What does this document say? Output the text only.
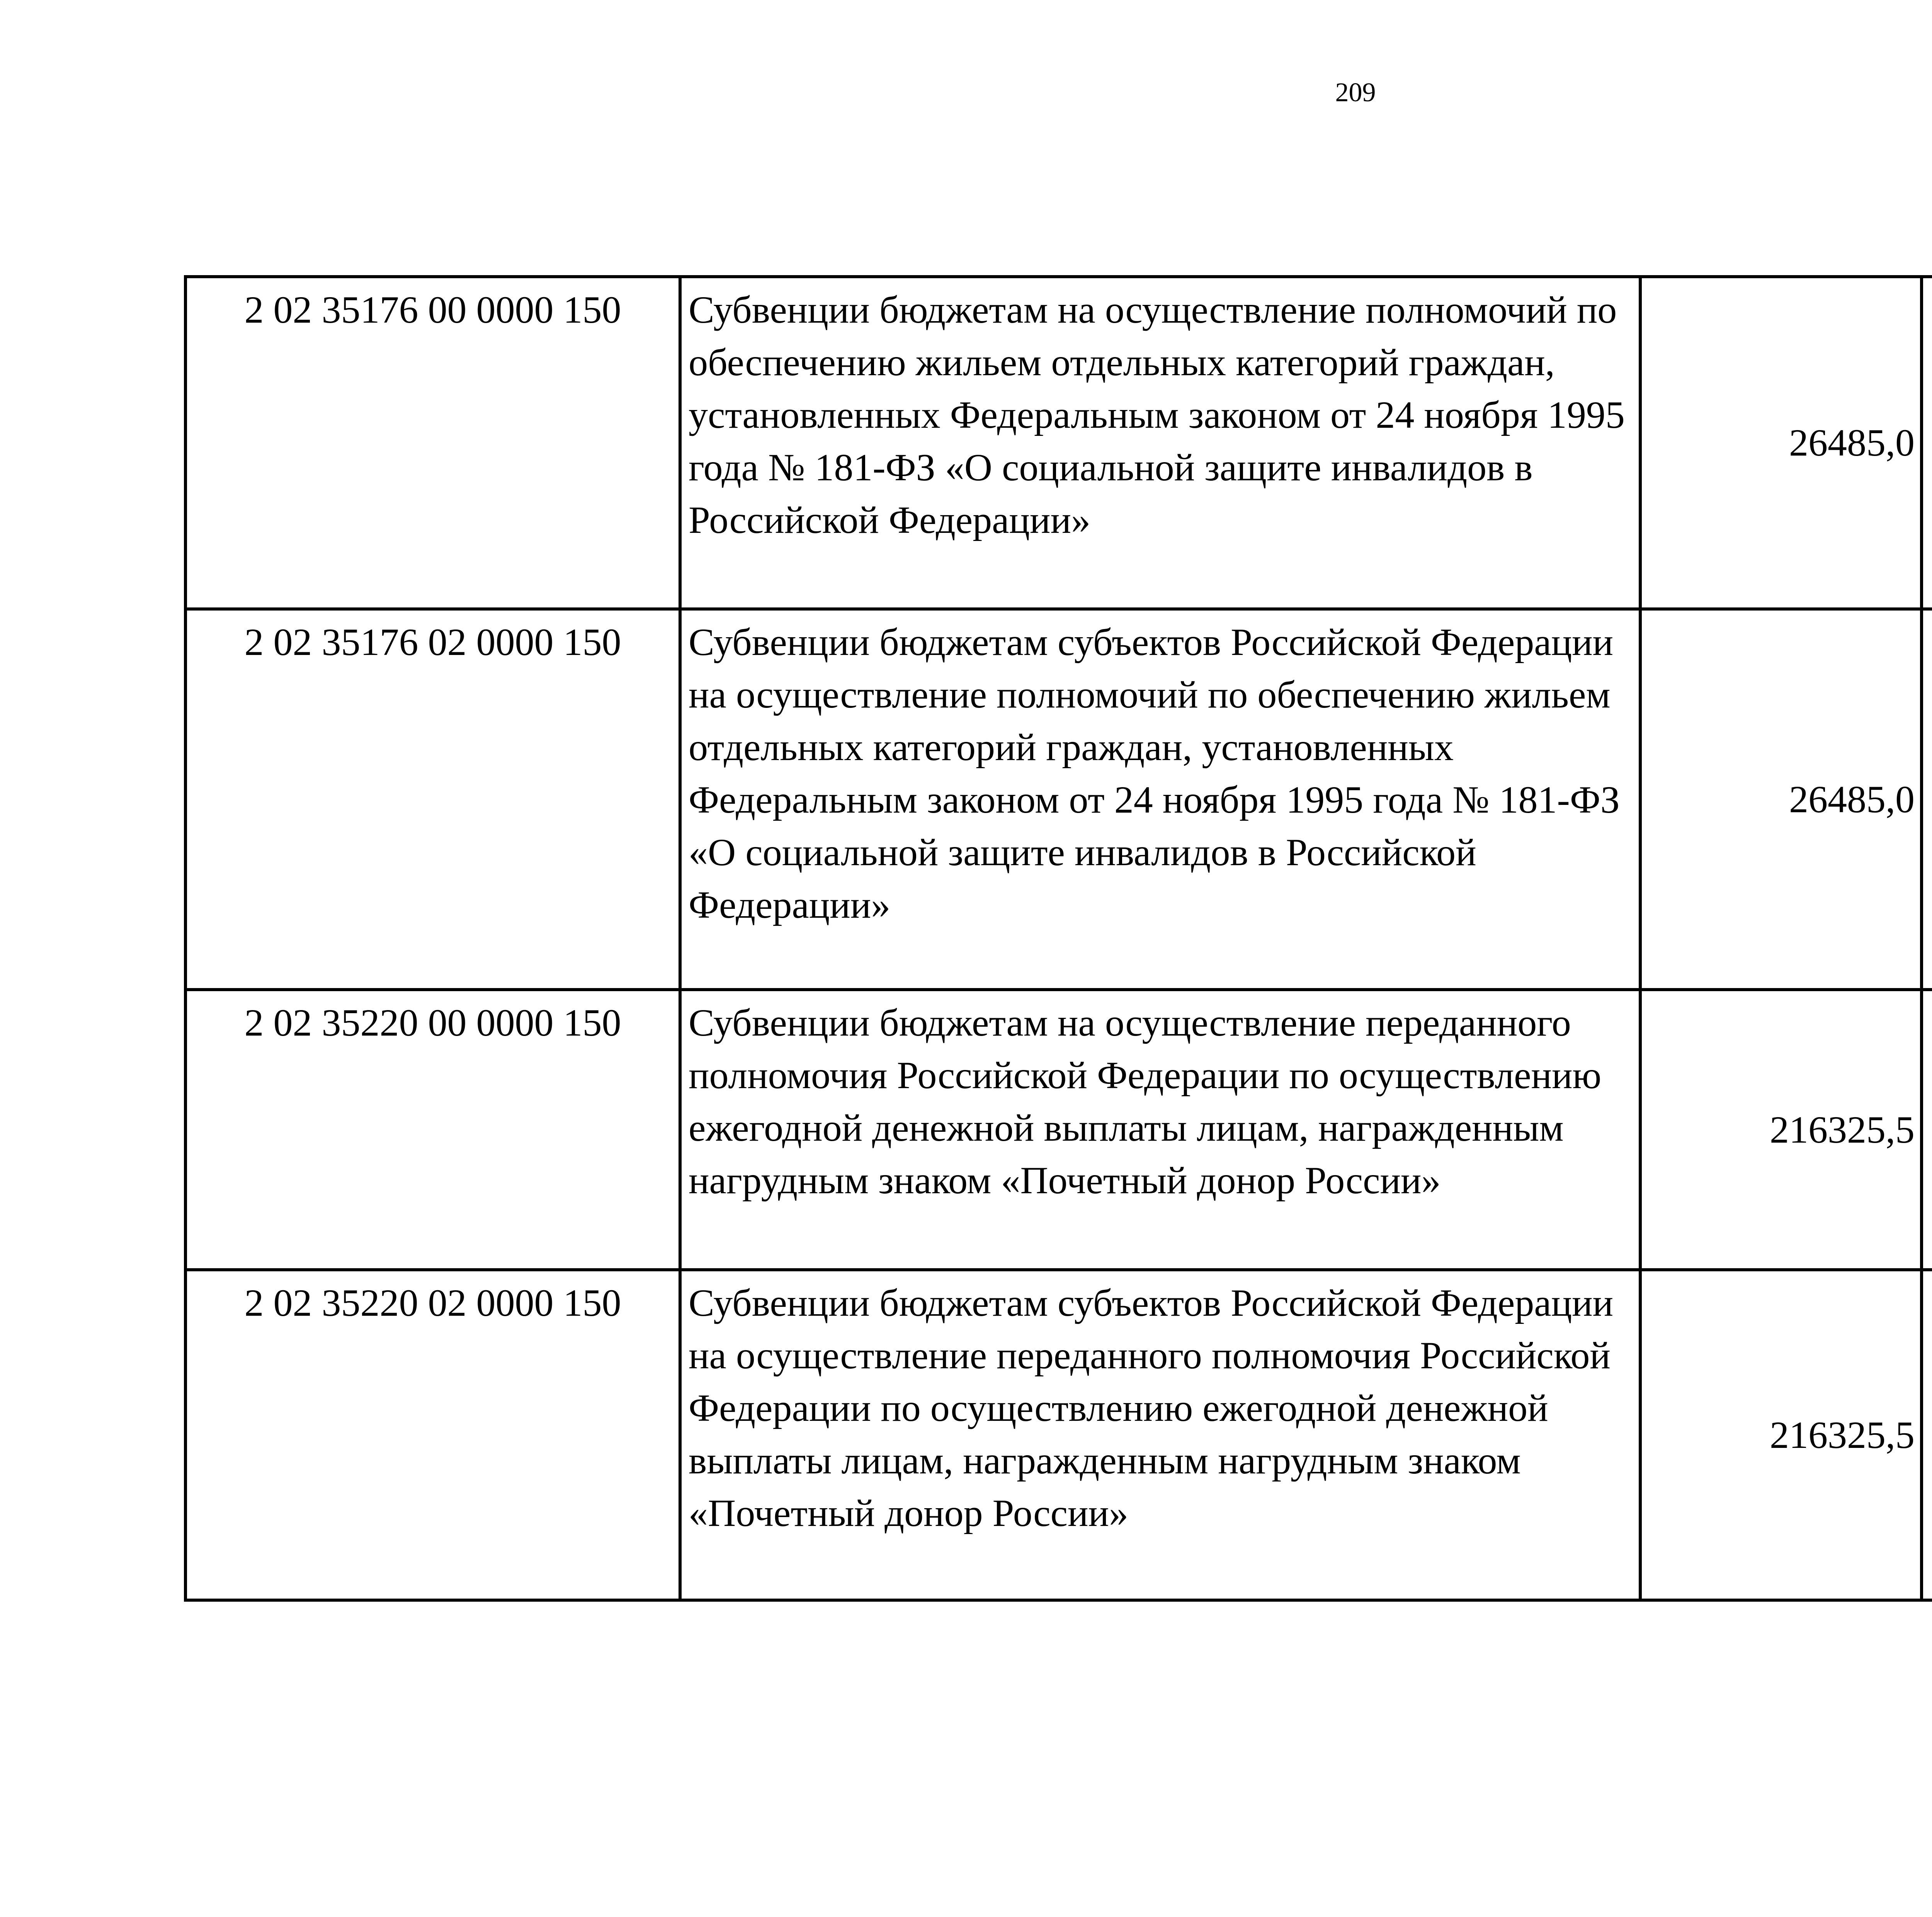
209
2 02 35176 00 0000 150	Субвенции бюджетам на осуществление полномочий по обеспечению жильем отдельных категорий граждан, установленных Федеральным законом от 24 ноября 1995 года № 181-ФЗ «О социальной защите инвалидов в Российской Федерации»	26485,0		
2 02 35176 02 0000 150	Субвенции бюджетам субъектов Российской Федерации на осуществление полномочий по обеспечению жильем отдельных категорий граждан, установленных Федеральным законом от 24 ноября 1995 года № 181-ФЗ «О социальной защите инвалидов в Российской Федерации»	26485,0		
2 02 35220 00 0000 150	Субвенции бюджетам на осуществление переданного полномочия Российской Федерации по осуществлению ежегодной денежной выплаты лицам, награжденным нагрудным знаком «Почетный донор России»	216325,5		
2 02 35220 02 0000 150	Субвенции бюджетам субъектов Российской Федерации на осуществление переданного полномочия Российской Федерации по осуществлению ежегодной денежной выплаты лицам, награжденным нагрудным знаком «Почетный донор России»	216325,5		
